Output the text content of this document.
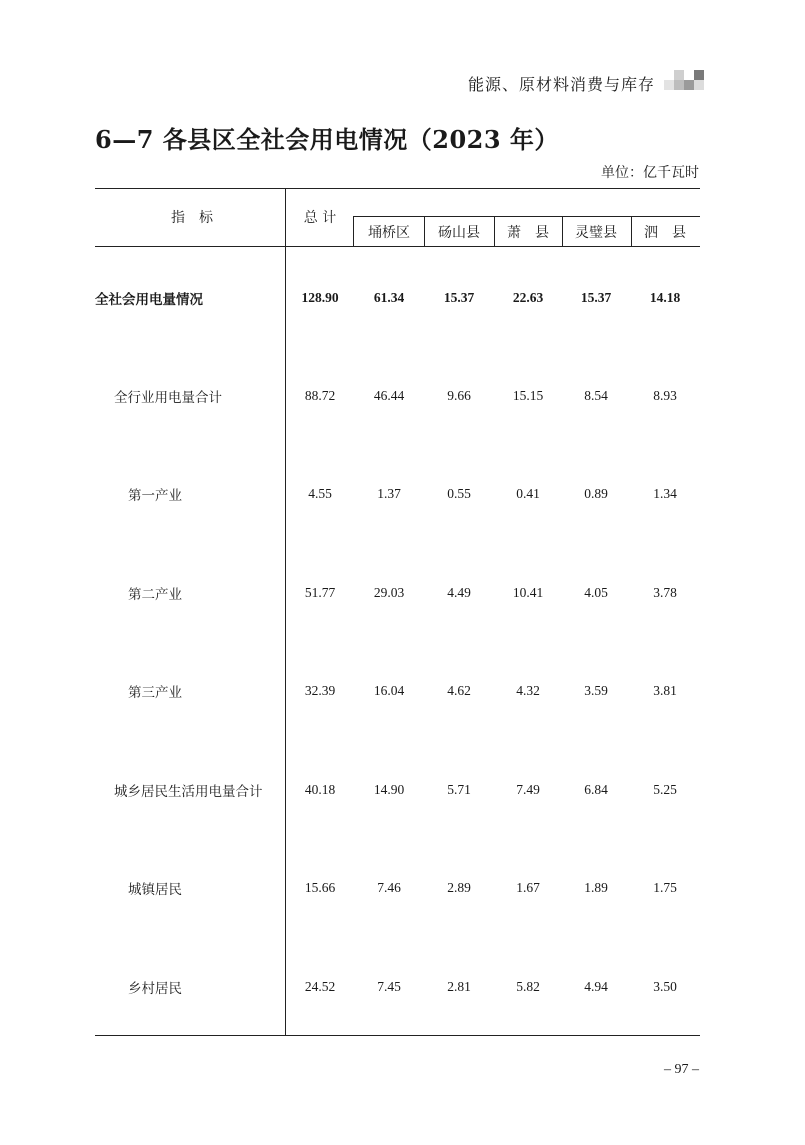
能源、原材料消费与库存
6—7 各县区全社会用电情况（2023 年）
单位：亿千瓦时
指　标	总 计
埇桥区 砀山县 萧　县 灵璧县 泗　县
全社会用电量情况	128.90	61.34	15.37	22.63	15.37	14.18
全行业用电量合计	88.72	46.44	9.66	15.15	8.54	8.93
第一产业	4.55	1.37	0.55	0.41	0.89	1.34
第二产业	51.77	29.03	4.49	10.41	4.05	3.78
第三产业	32.39	16.04	4.62	4.32	3.59	3.81
城乡居民生活用电量合计	40.18	14.90	5.71	7.49	6.84	5.25
城镇居民	15.66	7.46	2.89	1.67	1.89	1.75
乡村居民	24.52	7.45	2.81	5.82	4.94	3.50
– 97 –
